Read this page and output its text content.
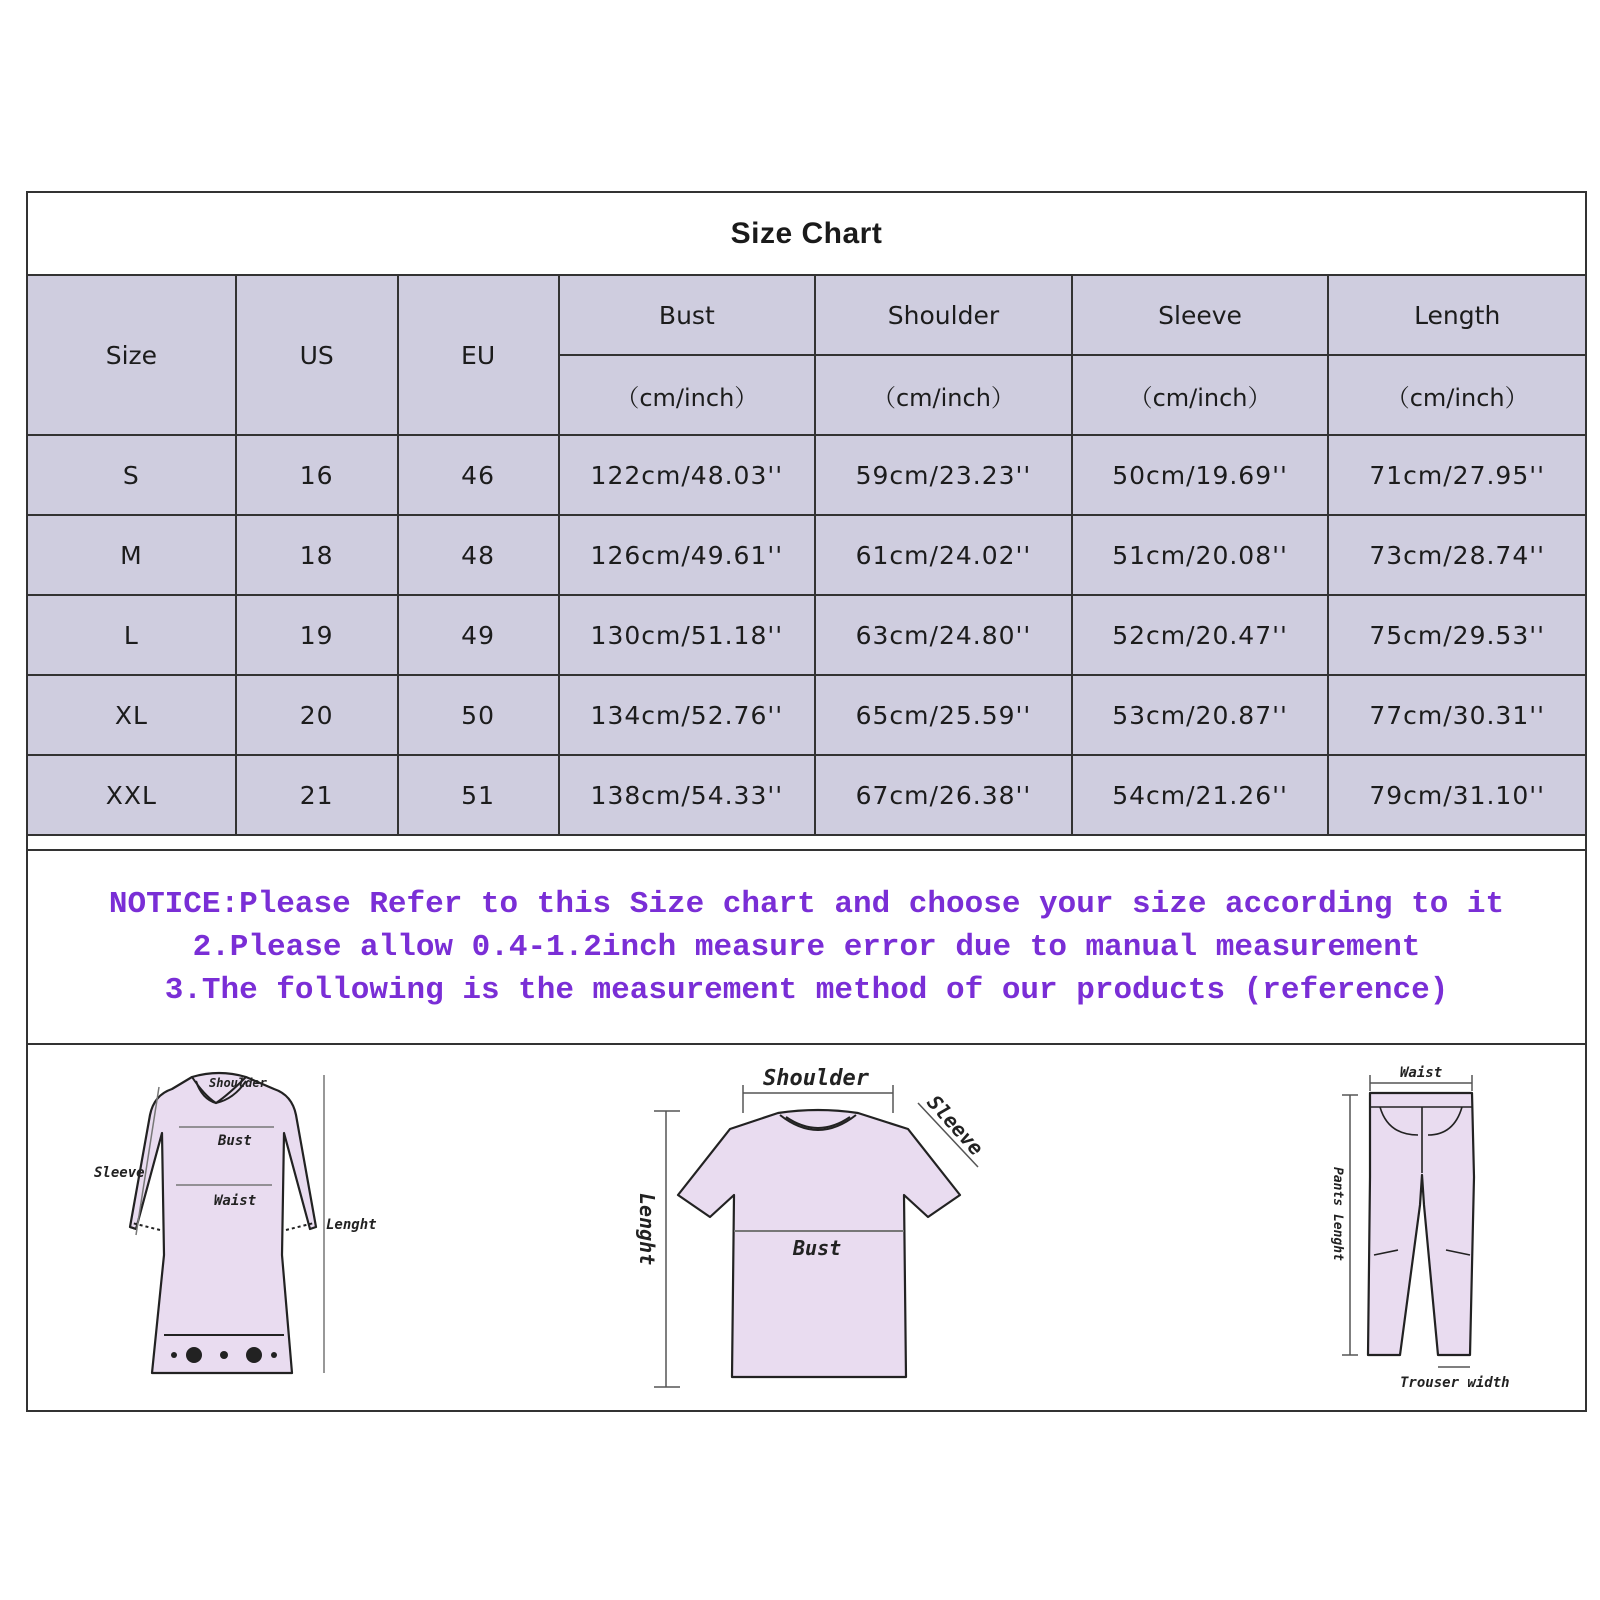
Size Chart
Size	US	EU	Bust	Shoulder	Sleeve	Length
			（cm/inch）	（cm/inch）	（cm/inch）	（cm/inch）
S	16	46	122cm/48.03''	59cm/23.23''	50cm/19.69''	71cm/27.95''
M	18	48	126cm/49.61''	61cm/24.02''	51cm/20.08''	73cm/28.74''
L	19	49	130cm/51.18''	63cm/24.80''	52cm/20.47''	75cm/29.53''
XL	20	50	134cm/52.76''	65cm/25.59''	53cm/20.87''	77cm/30.31''
XXL	21	51	138cm/54.33''	67cm/26.38''	54cm/21.26''	79cm/31.10''
NOTICE:Please Refer to this Size chart and choose your size according to it
2.Please allow 0.4-1.2inch measure error due to manual measurement
3.The following is the measurement method of our products (reference)
Shoulder
Bust
Waist
Sleeve
Lenght
Shoulder
Bust
Sleeve
Lenght
Waist
Pants Lenght
Trouser width
